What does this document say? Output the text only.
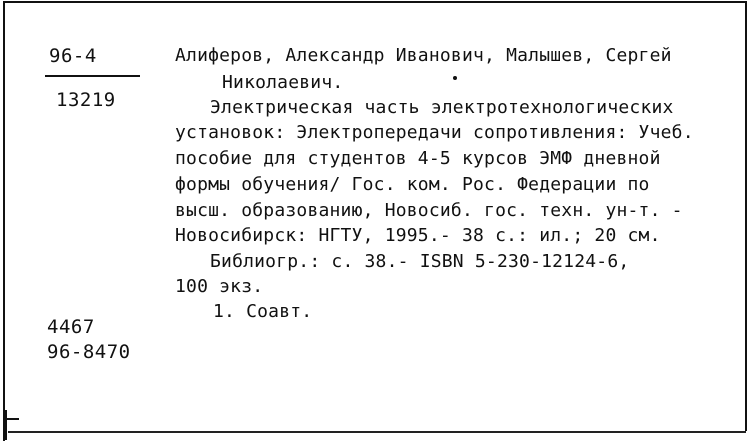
96-4
13219
Алиферов, Александр Иванович, Малышев, Сергей
Николаевич.
Электрическая часть электротехнологических
установок: Электропередачи сопротивления: Учеб.
пособие для студентов 4-5 курсов ЭМФ дневной
формы обучения/ Гос. ком. Рос. Федерации по
высш. образованию, Новосиб. гос. техн. ун-т. -
Новосибирск: НГТУ, 1995.- 38 с.: ил.; 20 см.
Библиогр.: с. 38.- ISBN 5-230-12124-6,
100 экз.
1. Соавт.
4467
96-8470
